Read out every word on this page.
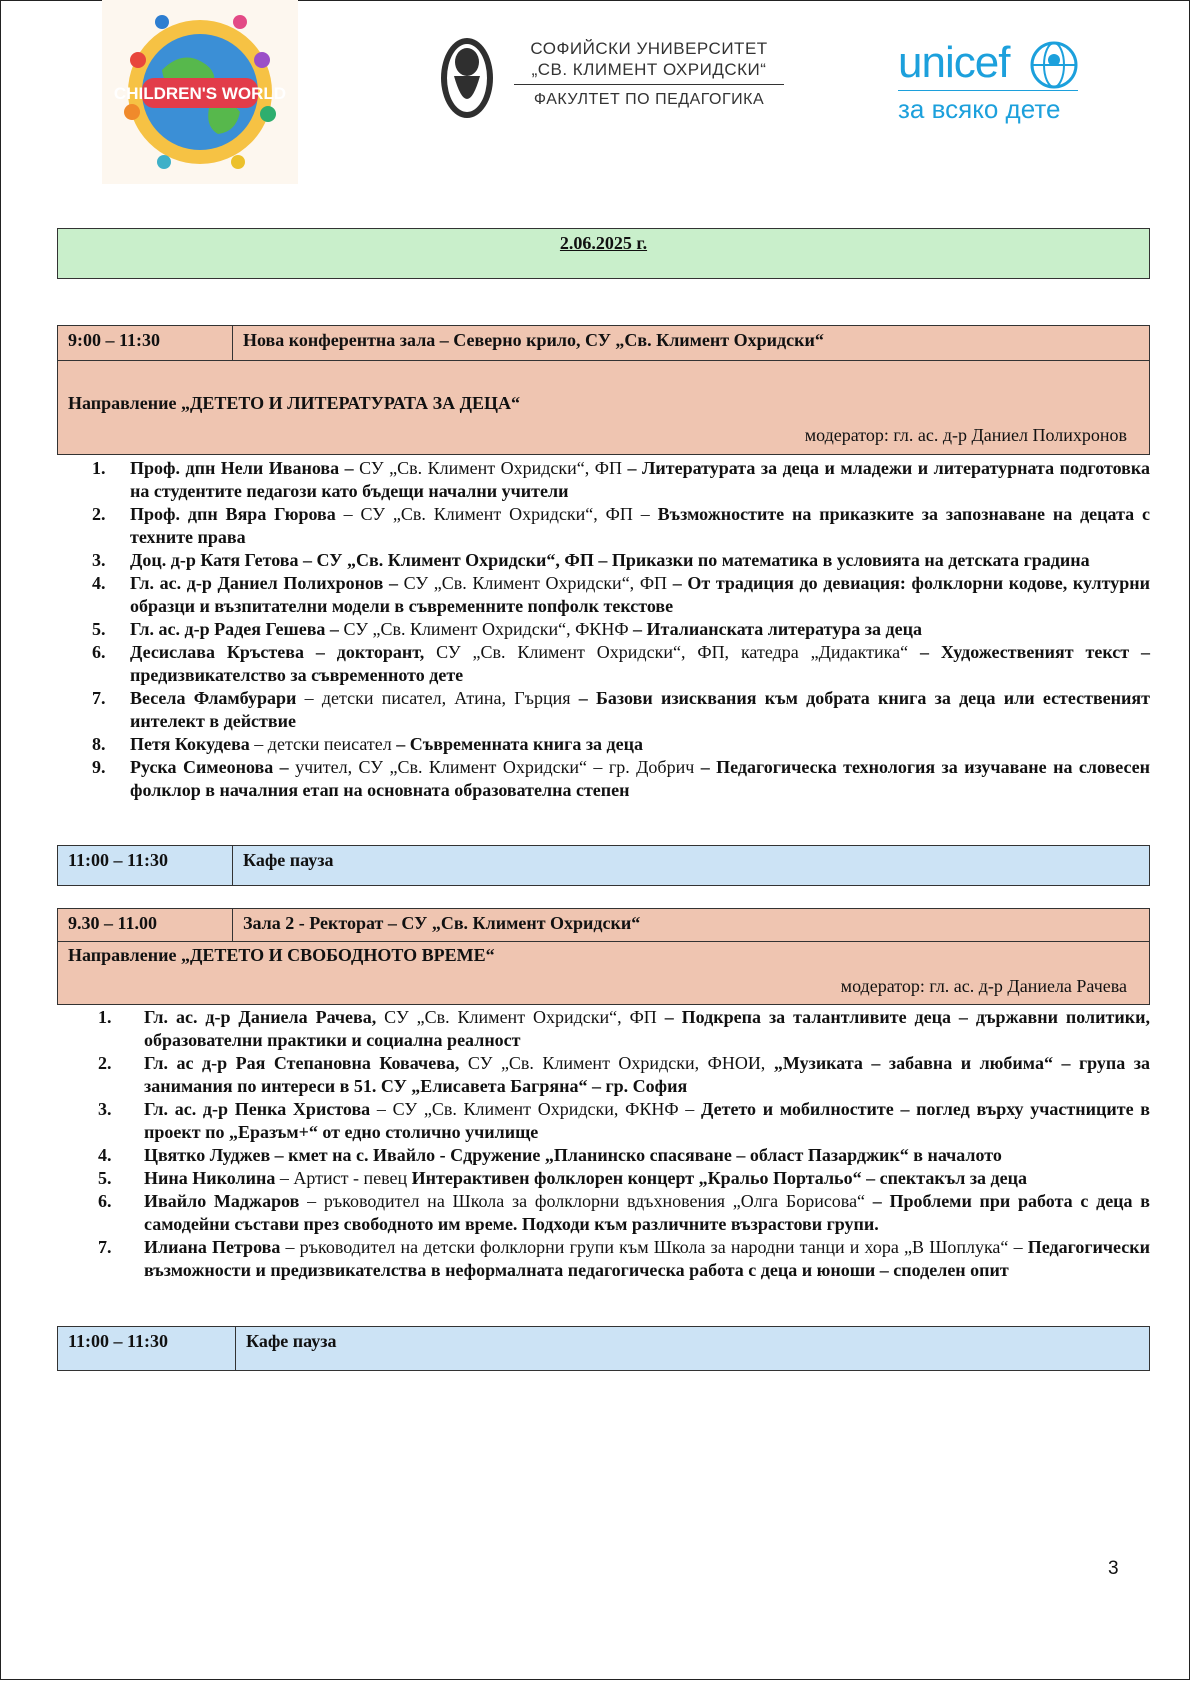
CHILDREN'S WORLD
СОФИЙСКИ УНИВЕРСИТЕТ
„СВ. КЛИМЕНТ ОХРИДСКИ“
ФАКУЛТЕТ ПО ПЕДАГОГИКА
unicef
за всяко дете
2.06.2025 г.
9:00 – 11:30	Нова конферентна зала – Северно крило, СУ „Св. Климент Охридски“
Направление „ДЕТЕТО И ЛИТЕРАТУРАТА ЗА ДЕЦА“
модератор: гл. ас. д-р Даниел Полихронов
1.	Проф. дпн Нели Иванова – СУ „Св. Климент Охридски“, ФП – Литературата за деца и младежи и литературната подготовка на студентите педагози като бъдещи начални учители
2.	Проф. дпн Вяра Гюрова – СУ „Св. Климент Охридски“, ФП – Възможностите на приказките за запознаване на децата с техните права
3.	Доц. д-р Катя Гетова – СУ „Св. Климент Охридски“, ФП – Приказки по математика в условията на детската градина
4.	Гл. ас. д-р Даниел Полихронов – СУ „Св. Климент Охридски“, ФП – От традиция до девиация: фолклорни кодове, културни образци и възпитателни модели в съвременните попфолк текстове
5.	Гл. ас. д-р Радея Гешева – СУ „Св. Климент Охридски“, ФКНФ – Италианската литература за деца
6.	Десислава Кръстева – докторант, СУ „Св. Климент Охридски“, ФП, катедра „Дидактика“ – Художественият текст – предизвикателство за съвременното дете
7.	Весела Фламбурари – детски писател, Атина, Гърция – Базови изисквания към добрата книга за деца или естественият интелект в действие
8.	Петя Кокудева – детски пеисател – Съвременната книга за деца
9.	Руска Симеонова – учител, СУ „Св. Климент Охридски“ – гр. Добрич – Педагогическа технология за изучаване на словесен фолклор в началния етап на основната образователна степен
11:00 – 11:30	Кафе пауза
9.30 – 11.00	Зала 2 - Ректорат – СУ „Св. Климент Охридски“
Направление „ДЕТЕТО И СВОБОДНОТО ВРЕМЕ“
модератор: гл. ас. д-р Даниела Рачева
1.	Гл. ас. д-р Даниела Рачева, СУ „Св. Климент Охридски“, ФП – Подкрепа за талантливите деца – държавни политики, образователни практики и социална реалност
2.	Гл. ас д-р Рая Степановна Ковачева, СУ „Св. Климент Охридски, ФНОИ, „Музиката – забавна и любима“ – група за занимания по интереси в 51. СУ „Елисавета Багряна“ – гр. София
3.	Гл. ас. д-р Пенка Христова – СУ „Св. Климент Охридски, ФКНФ – Детето и мобилностите – поглед върху участниците в проект по „Еразъм+“ от едно столично училище
4.	Цвятко Луджев – кмет на с. Ивайло - Сдружение „Планинско спасяване – област Пазарджик“ в началото
5.	Нина Николина – Артист - певец Интерактивен фолклорен концерт „Кральо Портальо“ – спектакъл за деца
6.	Ивайло Маджаров – ръководител на Школа за фолклорни вдъхновения „Олга Борисова“ – Проблеми при работа с деца в самодейни състави през свободното им време. Подходи към различните възрастови групи.
7.	Илиана Петрова – ръководител на детски фолклорни групи към Школа за народни танци и хора „В Шоплука“ – Педагогически възможности и предизвикателства в неформалната педагогическа работа с деца и юноши – споделен опит
11:00 – 11:30	Кафе пауза
3
